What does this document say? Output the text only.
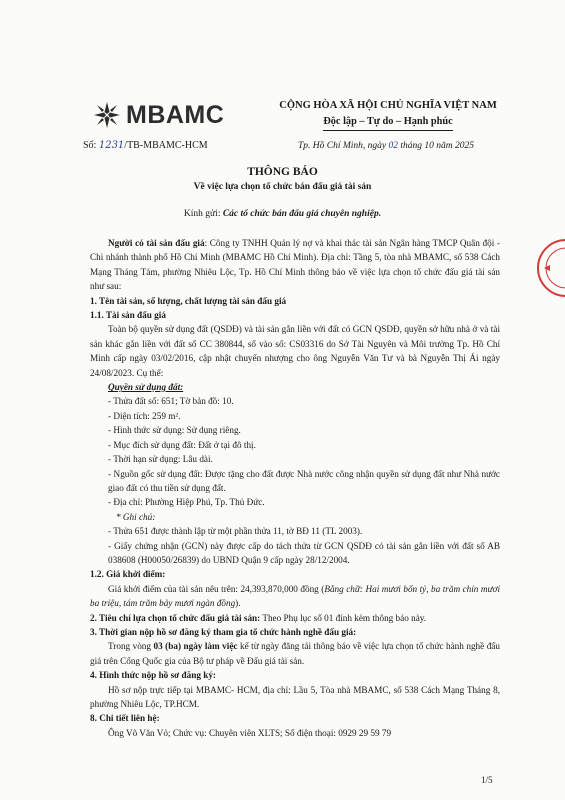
MBAMC	CỘNG HÒA XÃ HỘI CHỦ NGHĨA VIỆT NAM
Độc lập – Tự do – Hạnh phúc
Số: 1231/TB-MBAMC-HCM	Tp. Hồ Chí Minh, ngày 02 tháng 10 năm 2025
THÔNG BÁO
Về việc lựa chọn tổ chức bán đấu giá tài sản
Kính gửi: Các tổ chức bán đấu giá chuyên nghiệp.

Người có tài sản đấu giá: Công ty TNHH Quản lý nợ và khai thác tài sản Ngân hàng TMCP Quân đội - Chi nhánh thành phố Hồ Chí Minh (MBAMC Hồ Chí Minh). Địa chỉ: Tầng 5, tòa nhà MBAMC, số 538 Cách Mạng Tháng Tám, phường Nhiêu Lộc, Tp. Hồ Chí Minh thông báo về việc lựa chọn tổ chức đấu giá tài sản như sau:

1. Tên tài sản, số lượng, chất lượng tài sản đấu giá

1.1. Tài sản đấu giá

Toàn bộ quyền sử dụng đất (QSDĐ) và tài sản gắn liền với đất có GCN QSDĐ, quyền sở hữu nhà ở và tài sản khác gắn liền với đất số CC 380844, số vào sổ: CS03316 do Sở Tài Nguyên và Môi trường Tp. Hồ Chí Minh cấp ngày 03/02/2016, cập nhật chuyển nhượng cho ông Nguyễn Văn Tư và bà Nguyễn Thị Ái ngày 24/08/2023. Cụ thể:

Quyền sử dụng đất:

- Thửa đất số: 651; Tờ bản đồ: 10.

- Diện tích: 259 m².

- Hình thức sử dụng: Sử dụng riêng.

- Mục đích sử dụng đất: Đất ở tại đô thị.

- Thời hạn sử dụng: Lâu dài.

- Nguồn gốc sử dụng đất: Được tặng cho đất được Nhà nước công nhận quyền sử dụng đất như Nhà nước giao đất có thu tiền sử dụng đất.

- Địa chỉ: Phường Hiệp Phú, Tp. Thủ Đức.

* Ghi chú:

- Thửa 651 được thành lập từ một phần thửa 11, tờ BĐ 11 (TL 2003).

- Giấy chứng nhận (GCN) này được cấp do tách thửa từ GCN QSDĐ có tài sản gắn liền với đất số AB 038608 (H00050/26839) do UBND Quận 9 cấp ngày 28/12/2004.

1.2. Giá khởi điểm:

Giá khởi điểm của tài sản nêu trên: 24,393,870,000 đồng (Bằng chữ: Hai mươi bốn tỷ, ba trăm chín mươi ba triệu, tám trăm bảy mươi ngàn đồng).

2. Tiêu chí lựa chọn tổ chức đấu giá tài sản: Theo Phụ lục số 01 đính kèm thông báo này.

3. Thời gian nộp hồ sơ đăng ký tham gia tổ chức hành nghề đấu giá:

Trong vòng 03 (ba) ngày làm việc kể từ ngày đăng tải thông báo về việc lựa chọn tổ chức hành nghề đấu giá trên Cổng Quốc gia của Bộ tư pháp về Đấu giá tài sản.

4. Hình thức nộp hồ sơ đăng ký:

Hồ sơ nộp trực tiếp tại MBAMC- HCM, địa chỉ: Lầu 5, Tòa nhà MBAMC, số 538 Cách Mạng Tháng 8, phường Nhiêu Lộc, TP.HCM.

8. Chi tiết liên hệ:

Ông Võ Văn Vỏ; Chức vụ: Chuyên viên XLTS; Số điện thoại: 0929 29 59 79

1/5
